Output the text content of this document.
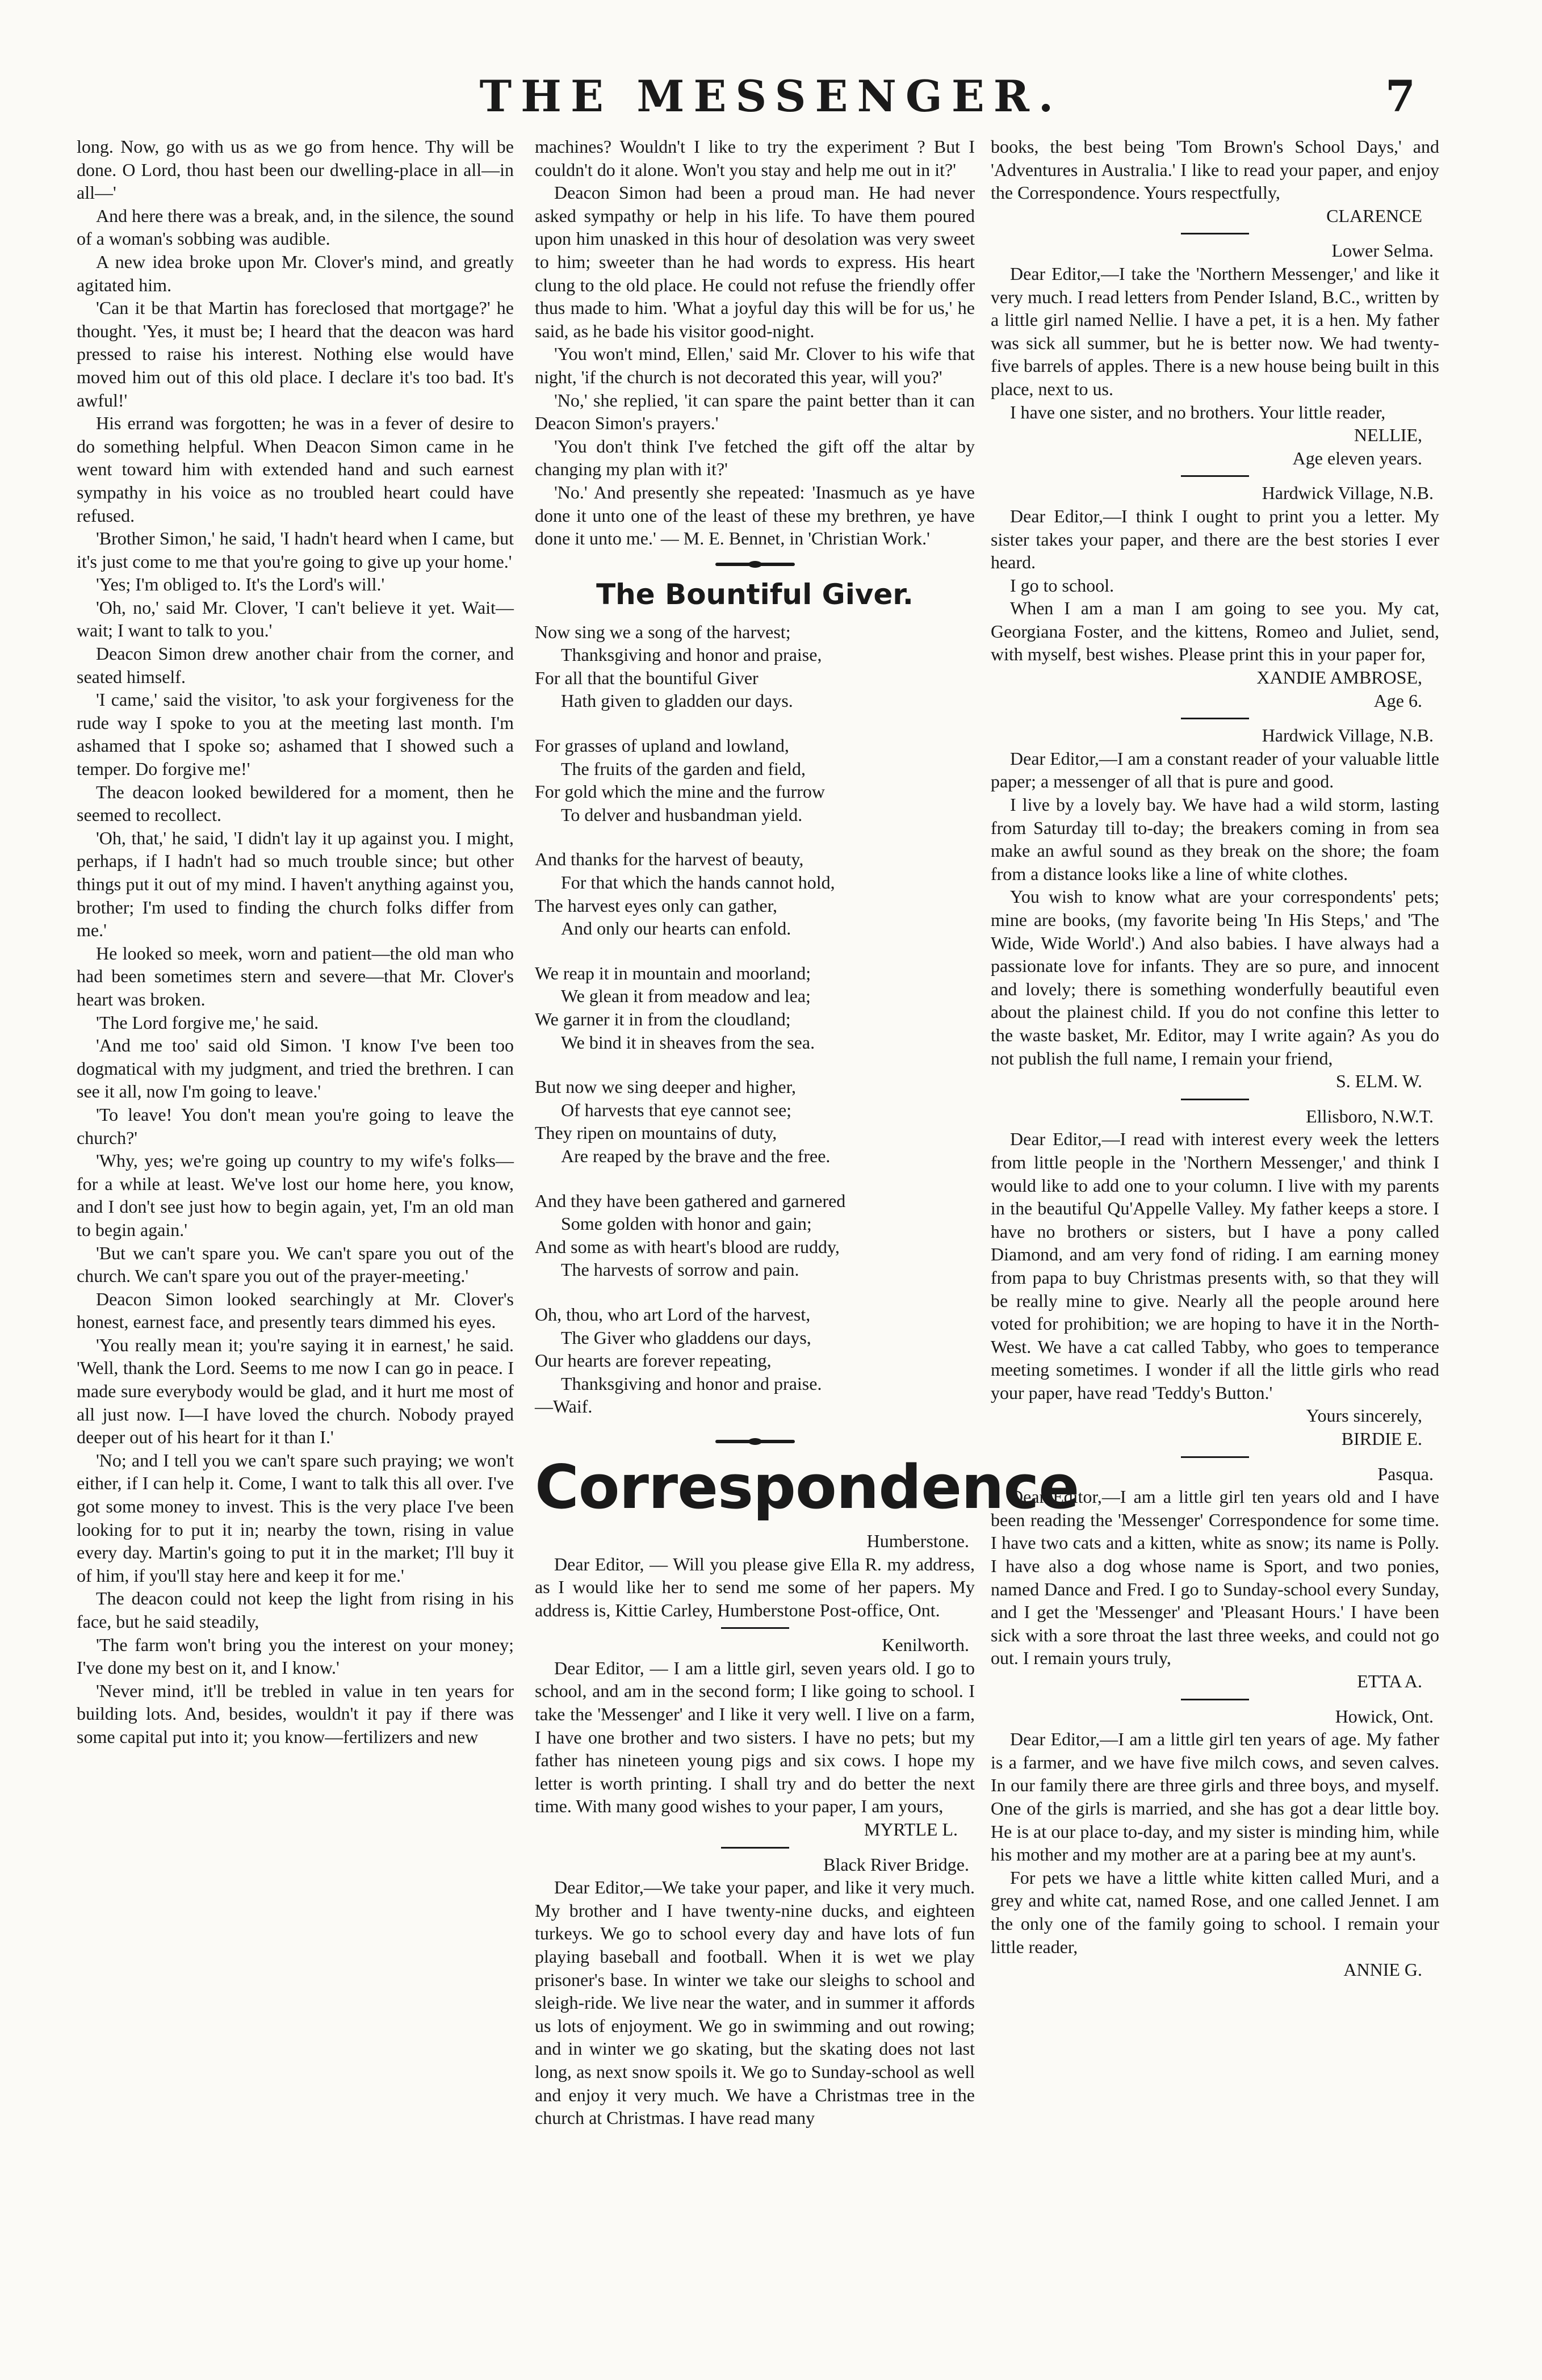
THE MESSENGER.	7

long. Now, go with us as we go from hence. Thy will be done. O Lord, thou hast been our dwelling-place in all—in all—'

And here there was a break, and, in the silence, the sound of a woman's sobbing was audible.

A new idea broke upon Mr. Clover's mind, and greatly agitated him.

'Can it be that Martin has foreclosed that mortgage?' he thought. 'Yes, it must be; I heard that the deacon was hard pressed to raise his interest. Nothing else would have moved him out of this old place. I declare it's too bad. It's awful!'

His errand was forgotten; he was in a fever of desire to do something helpful. When Deacon Simon came in he went toward him with extended hand and such earnest sympathy in his voice as no troubled heart could have refused.

'Brother Simon,' he said, 'I hadn't heard when I came, but it's just come to me that you're going to give up your home.'

'Yes; I'm obliged to. It's the Lord's will.'

'Oh, no,' said Mr. Clover, 'I can't believe it yet. Wait—wait; I want to talk to you.'

Deacon Simon drew another chair from the corner, and seated himself.

'I came,' said the visitor, 'to ask your forgiveness for the rude way I spoke to you at the meeting last month. I'm ashamed that I spoke so; ashamed that I showed such a temper. Do forgive me!'

The deacon looked bewildered for a moment, then he seemed to recollect.

'Oh, that,' he said, 'I didn't lay it up against you. I might, perhaps, if I hadn't had so much trouble since; but other things put it out of my mind. I haven't anything against you, brother; I'm used to finding the church folks differ from me.'

He looked so meek, worn and patient—the old man who had been sometimes stern and severe—that Mr. Clover's heart was broken.

'The Lord forgive me,' he said.

'And me too' said old Simon. 'I know I've been too dogmatical with my judgment, and tried the brethren. I can see it all, now I'm going to leave.'

'To leave! You don't mean you're going to leave the church?'

'Why, yes; we're going up country to my wife's folks—for a while at least. We've lost our home here, you know, and I don't see just how to begin again, yet, I'm an old man to begin again.'

'But we can't spare you. We can't spare you out of the church. We can't spare you out of the prayer-meeting.'

Deacon Simon looked searchingly at Mr. Clover's honest, earnest face, and presently tears dimmed his eyes.

'You really mean it; you're saying it in earnest,' he said. 'Well, thank the Lord. Seems to me now I can go in peace. I made sure everybody would be glad, and it hurt me most of all just now. I—I have loved the church. Nobody prayed deeper out of his heart for it than I.'

'No; and I tell you we can't spare such praying; we won't either, if I can help it. Come, I want to talk this all over. I've got some money to invest. This is the very place I've been looking for to put it in; nearby the town, rising in value every day. Martin's going to put it in the market; I'll buy it of him, if you'll stay here and keep it for me.'

The deacon could not keep the light from rising in his face, but he said steadily,

'The farm won't bring you the interest on your money; I've done my best on it, and I know.'

'Never mind, it'll be trebled in value in ten years for building lots. And, besides, wouldn't it pay if there was some capital put into it; you know—fertilizers and new

machines? Wouldn't I like to try the experiment ? But I couldn't do it alone. Won't you stay and help me out in it?'

Deacon Simon had been a proud man. He had never asked sympathy or help in his life. To have them poured upon him unasked in this hour of desolation was very sweet to him; sweeter than he had words to express. His heart clung to the old place. He could not refuse the friendly offer thus made to him. 'What a joyful day this will be for us,' he said, as he bade his visitor good-night.

'You won't mind, Ellen,' said Mr. Clover to his wife that night, 'if the church is not decorated this year, will you?'

'No,' she replied, 'it can spare the paint better than it can Deacon Simon's prayers.'

'You don't think I've fetched the gift off the altar by changing my plan with it?'

'No.' And presently she repeated: 'Inasmuch as ye have done it unto one of the least of these my brethren, ye have done it unto me.' — M. E. Bennet, in 'Christian Work.'

The Bountiful Giver.
Now sing we a song of the harvest;
Thanksgiving and honor and praise,
For all that the bountiful Giver
Hath given to gladden our days.
For grasses of upland and lowland,
The fruits of the garden and field,
For gold which the mine and the furrow
To delver and husbandman yield.
And thanks for the harvest of beauty,
For that which the hands cannot hold,
The harvest eyes only can gather,
And only our hearts can enfold.
We reap it in mountain and moorland;
We glean it from meadow and lea;
We garner it in from the cloudland;
We bind it in sheaves from the sea.
But now we sing deeper and higher,
Of harvests that eye cannot see;
They ripen on mountains of duty,
Are reaped by the brave and the free.
And they have been gathered and garnered
Some golden with honor and gain;
And some as with heart's blood are ruddy,
The harvests of sorrow and pain.
Oh, thou, who art Lord of the harvest,
The Giver who gladdens our days,
Our hearts are forever repeating,
Thanksgiving and honor and praise.
—Waif.
Correspondence

Humberstone.

Dear Editor, — Will you please give Ella R. my address, as I would like her to send me some of her papers. My address is, Kittie Carley, Humberstone Post-office, Ont.

Kenilworth.

Dear Editor, — I am a little girl, seven years old. I go to school, and am in the second form; I like going to school. I take the 'Messenger' and I like it very well. I live on a farm, I have one brother and two sisters. I have no pets; but my father has nineteen young pigs and six cows. I hope my letter is worth printing. I shall try and do better the next time. With many good wishes to your paper, I am yours,

MYRTLE L.

Black River Bridge.

Dear Editor,—We take your paper, and like it very much. My brother and I have twenty-nine ducks, and eighteen turkeys. We go to school every day and have lots of fun playing baseball and football. When it is wet we play prisoner's base. In winter we take our sleighs to school and sleigh-ride. We live near the water, and in summer it affords us lots of enjoyment. We go in swimming and out rowing; and in winter we go skating, but the skating does not last long, as next snow spoils it. We go to Sunday-school as well and enjoy it very much. We have a Christmas tree in the church at Christmas. I have read many

books, the best being 'Tom Brown's School Days,' and 'Adventures in Australia.' I like to read your paper, and enjoy the Correspondence. Yours respectfully,

CLARENCE

Lower Selma.

Dear Editor,—I take the 'Northern Messenger,' and like it very much. I read letters from Pender Island, B.C., written by a little girl named Nellie. I have a pet, it is a hen. My father was sick all summer, but he is better now. We had twenty-five barrels of apples. There is a new house being built in this place, next to us.

I have one sister, and no brothers. Your little reader,

NELLIE,

Age eleven years.

Hardwick Village, N.B.

Dear Editor,—I think I ought to print you a letter. My sister takes your paper, and there are the best stories I ever heard.

I go to school.

When I am a man I am going to see you. My cat, Georgiana Foster, and the kittens, Romeo and Juliet, send, with myself, best wishes. Please print this in your paper for,

XANDIE AMBROSE,

Age 6.

Hardwick Village, N.B.

Dear Editor,—I am a constant reader of your valuable little paper; a messenger of all that is pure and good.

I live by a lovely bay. We have had a wild storm, lasting from Saturday till to-day; the breakers coming in from sea make an awful sound as they break on the shore; the foam from a distance looks like a line of white clothes.

You wish to know what are your correspondents' pets; mine are books, (my favorite being 'In His Steps,' and 'The Wide, Wide World'.) And also babies. I have always had a passionate love for infants. They are so pure, and innocent and lovely; there is something wonderfully beautiful even about the plainest child. If you do not confine this letter to the waste basket, Mr. Editor, may I write again? As you do not publish the full name, I remain your friend,

S. ELM. W.

Ellisboro, N.W.T.

Dear Editor,—I read with interest every week the letters from little people in the 'Northern Messenger,' and think I would like to add one to your column. I live with my parents in the beautiful Qu'Appelle Valley. My father keeps a store. I have no brothers or sisters, but I have a pony called Diamond, and am very fond of riding. I am earning money from papa to buy Christmas presents with, so that they will be really mine to give. Nearly all the people around here voted for prohibition; we are hoping to have it in the North-West. We have a cat called Tabby, who goes to temperance meeting sometimes. I wonder if all the little girls who read your paper, have read 'Teddy's Button.'

Yours sincerely,

BIRDIE E.

Pasqua.

Dear Editor,—I am a little girl ten years old and I have been reading the 'Messenger' Correspondence for some time. I have two cats and a kitten, white as snow; its name is Polly. I have also a dog whose name is Sport, and two ponies, named Dance and Fred. I go to Sunday-school every Sunday, and I get the 'Messenger' and 'Pleasant Hours.' I have been sick with a sore throat the last three weeks, and could not go out. I remain yours truly,

ETTA A.

Howick, Ont.

Dear Editor,—I am a little girl ten years of age. My father is a farmer, and we have five milch cows, and seven calves. In our family there are three girls and three boys, and myself. One of the girls is married, and she has got a dear little boy. He is at our place to-day, and my sister is minding him, while his mother and my mother are at a paring bee at my aunt's.

For pets we have a little white kitten called Muri, and a grey and white cat, named Rose, and one called Jennet. I am the only one of the family going to school. I remain your little reader,

ANNIE G.
